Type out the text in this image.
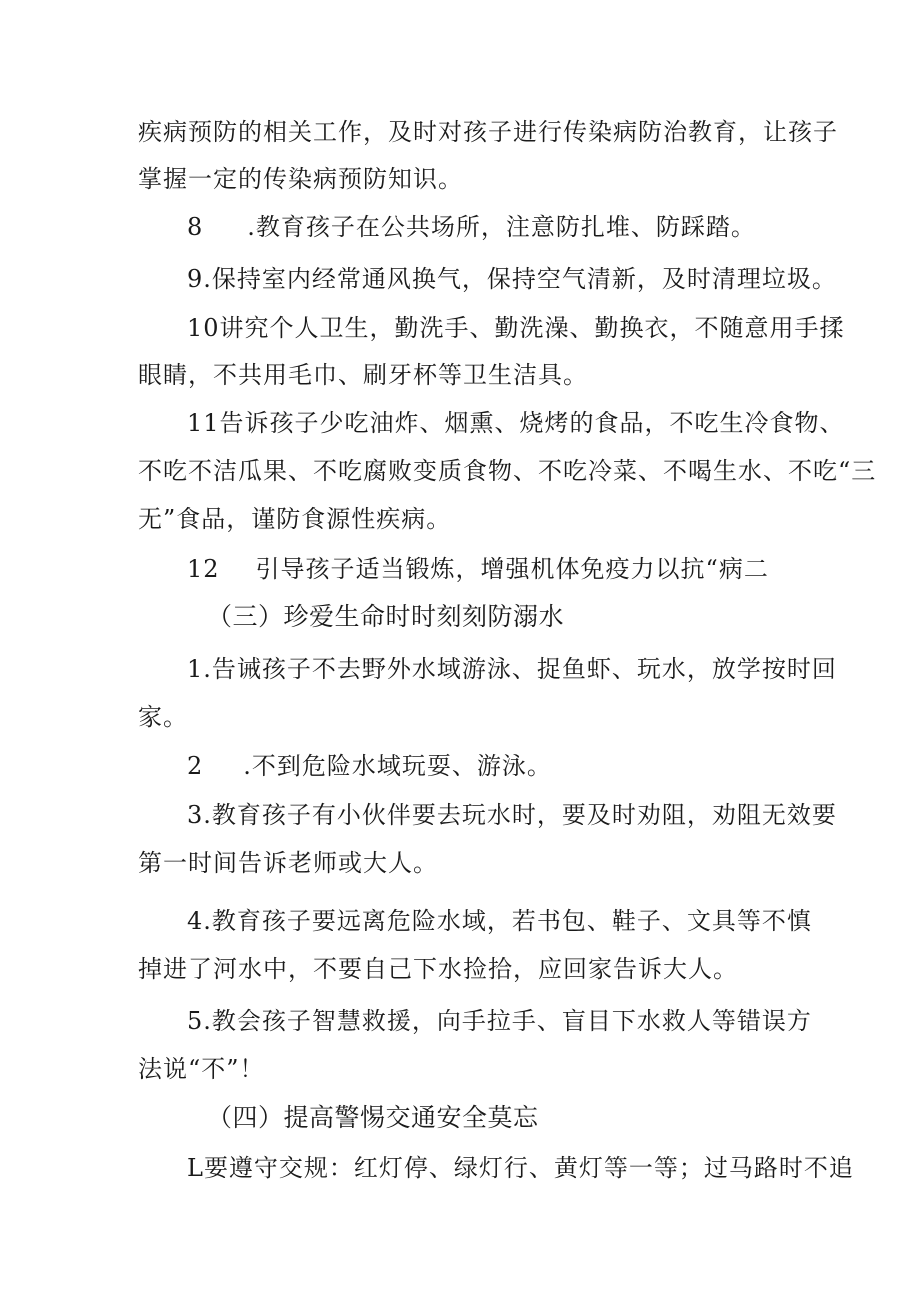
疾病预防的相关工作，及时对孩子进行传染病防治教育，让孩子
掌握一定的传染病预防知识。
8 .教育孩子在公共场所，注意防扎堆、防踩踏。
9.保持室内经常通风换气，保持空气清新，及时清理垃圾。
10讲究个人卫生，勤洗手、勤洗澡、勤换衣，不随意用手揉
眼睛，不共用毛巾、刷牙杯等卫生洁具。
11告诉孩子少吃油炸、烟熏、烧烤的食品，不吃生冷食物、
不吃不洁瓜果、不吃腐败变质食物、不吃冷菜、不喝生水、不吃“三
无”食品，谨防食源性疾病。
12 引导孩子适当锻炼，增强机体免疫力以抗“病二
（三）珍爱生命时时刻刻防溺水
1.告诫孩子不去野外水域游泳、捉鱼虾、玩水，放学按时回
家。
2 .不到危险水域玩耍、游泳。
3.教育孩子有小伙伴要去玩水时，要及时劝阻，劝阻无效要
第一时间告诉老师或大人。
4.教育孩子要远离危险水域，若书包、鞋子、文具等不慎
掉进了河水中，不要自己下水捡拾，应回家告诉大人。
5.教会孩子智慧救援，向手拉手、盲目下水救人等错误方
法说“不”！
（四）提高警惕交通安全莫忘
L要遵守交规：红灯停、绿灯行、黄灯等一等；过马路时不追
